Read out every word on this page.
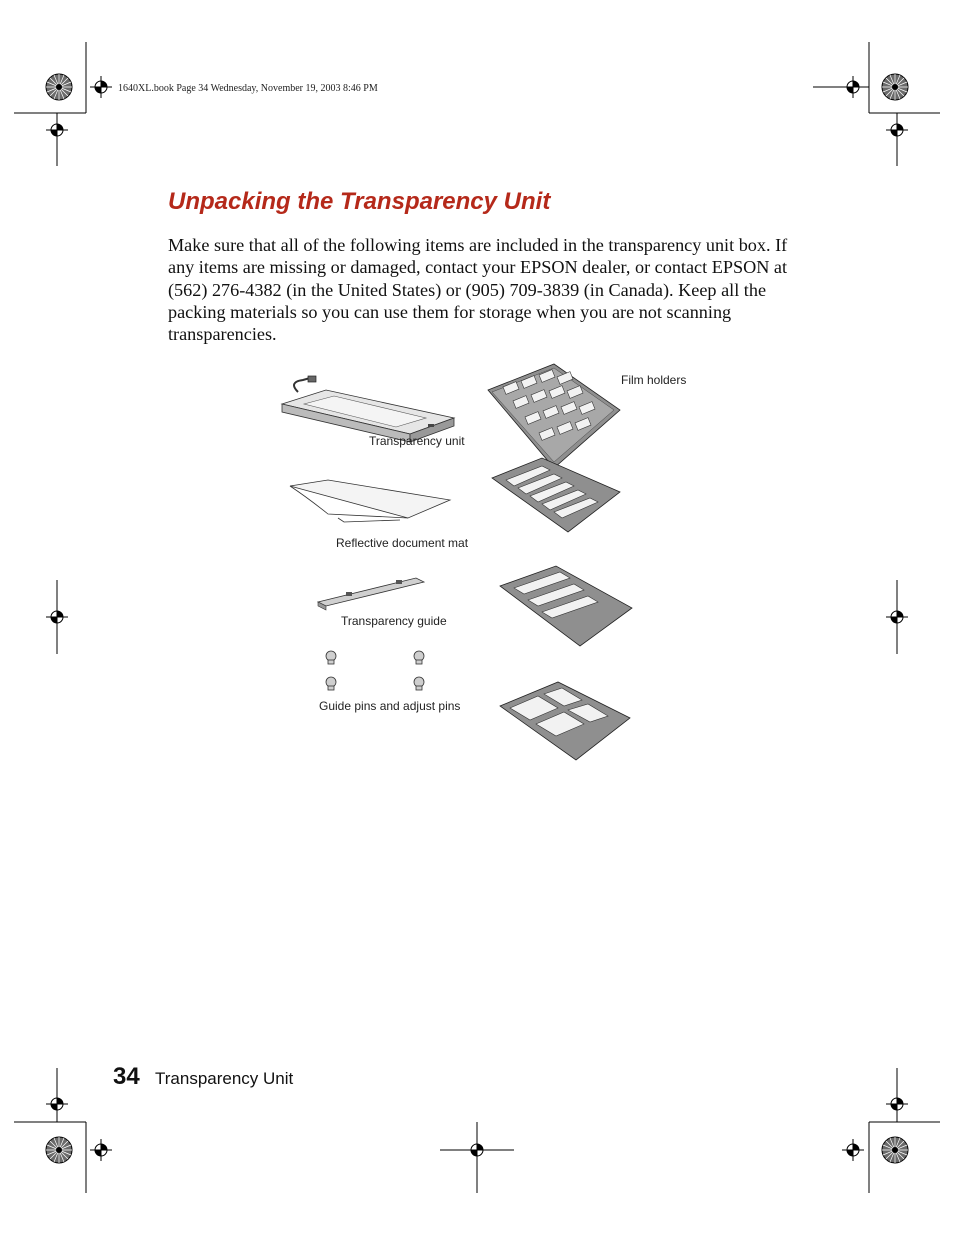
1640XL.book Page 34 Wednesday, November 19, 2003 8:46 PM
Unpacking the Transparency Unit

Make sure that all of the following items are included in the transparency unit box. If any items are missing or damaged, contact your EPSON dealer, or contact EPSON at (562) 276-4382 (in the United States) or (905) 709-3839 (in Canada). Keep all the packing materials so you can use them for storage when you are not scanning transparencies.

Film holders
Transparency unit
Reflective document mat
Transparency guide
Guide pins and adjust pins
34 Transparency Unit
